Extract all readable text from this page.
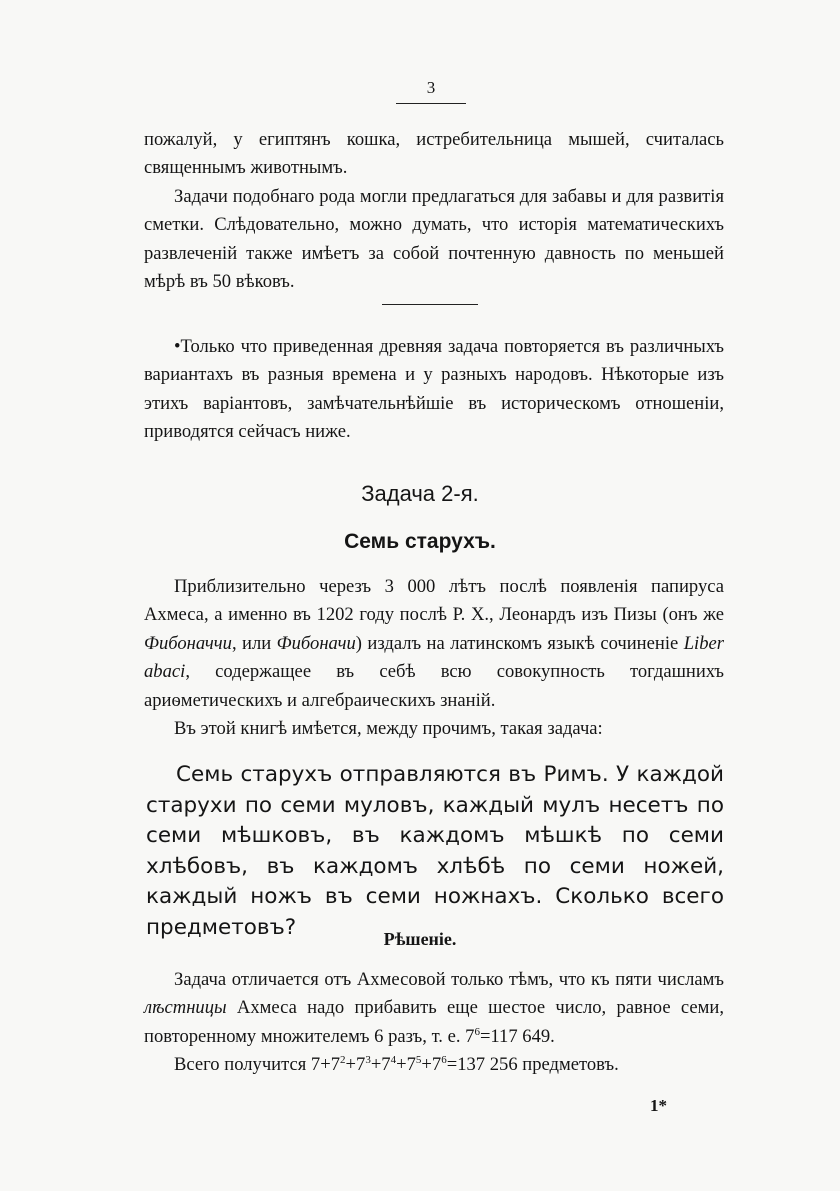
3

пожалуй, у египтянъ кошка, истребительница мышей, считалась священнымъ животнымъ.

Задачи подобнаго рода могли предлагаться для забавы и для развитія сметки. Слѣдовательно, можно думать, что исторія математическихъ развлеченій также имѣетъ за собой почтенную давность по меньшей мѣрѣ въ 50 вѣковъ.

•Только что приведенная древняя задача повторяется въ различныхъ вариантахъ въ разныя времена и у разныхъ народовъ. Нѣкоторые изъ этихъ варіантовъ, замѣчательнѣйшіе въ историческомъ отношеніи, приводятся сейчасъ ниже.

Задача 2-я.
Семь старухъ.

Приблизительно черезъ 3 000 лѣтъ послѣ появленія папируса Ахмеса, а именно въ 1202 году послѣ Р. Х., Леонардъ изъ Пизы (онъ же Фибоначчи, или Фибоначи) издалъ на латинскомъ языкѣ сочиненіе Liber abaci, содержащее въ себѣ всю совокупность тогдашнихъ ариѳметическихъ и алгебраическихъ знаній.

Въ этой книгѣ имѣется, между прочимъ, такая задача:

Семь старухъ отправляются въ Римъ. У каждой старухи по семи муловъ, каждый мулъ несетъ по семи мѣшковъ, въ каждомъ мѣшкѣ по семи хлѣбовъ, въ каждомъ хлѣбѣ по семи ножей, каждый ножъ въ семи ножнахъ. Сколько всего предметовъ?	Рѣшеніе.

Задача отличается отъ Ахмесовой только тѣмъ, что къ пяти числамъ лѣстницы Ахмеса надо прибавить еще шестое число, равное семи, повторенному множителемъ 6 разъ, т. е. $7^6=117$ 649.

Всего получится $7+7^2+7^3+7^4+7^5+7^6=137$ 256 предметовъ.

1*
